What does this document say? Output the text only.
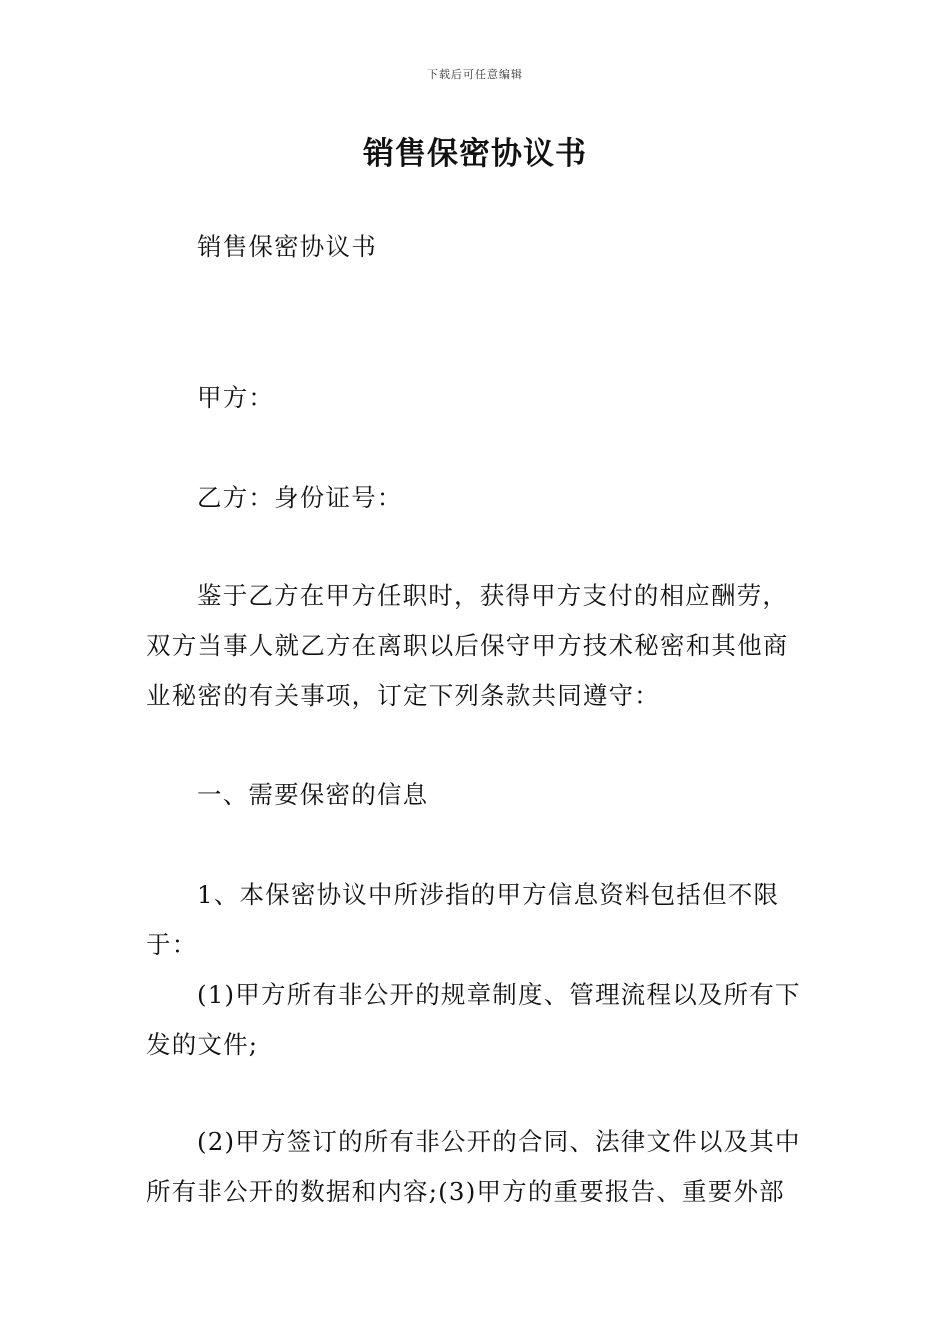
下载后可任意编辑
销售保密协议书

销售保密协议书

甲方：

乙方：身份证号：

鉴于乙方在甲方任职时，获得甲方支付的相应酬劳，双方当事人就乙方在离职以后保守甲方技术秘密和其他商业秘密的有关事项，订定下列条款共同遵守：

一、需要保密的信息

1、本保密协议中所涉指的甲方信息资料包括但不限于：

(1)甲方所有非公开的规章制度、管理流程以及所有下发的文件;

(2)甲方签订的所有非公开的合同、法律文件以及其中所有非公开的数据和内容;(3)甲方的重要报告、重要外部
